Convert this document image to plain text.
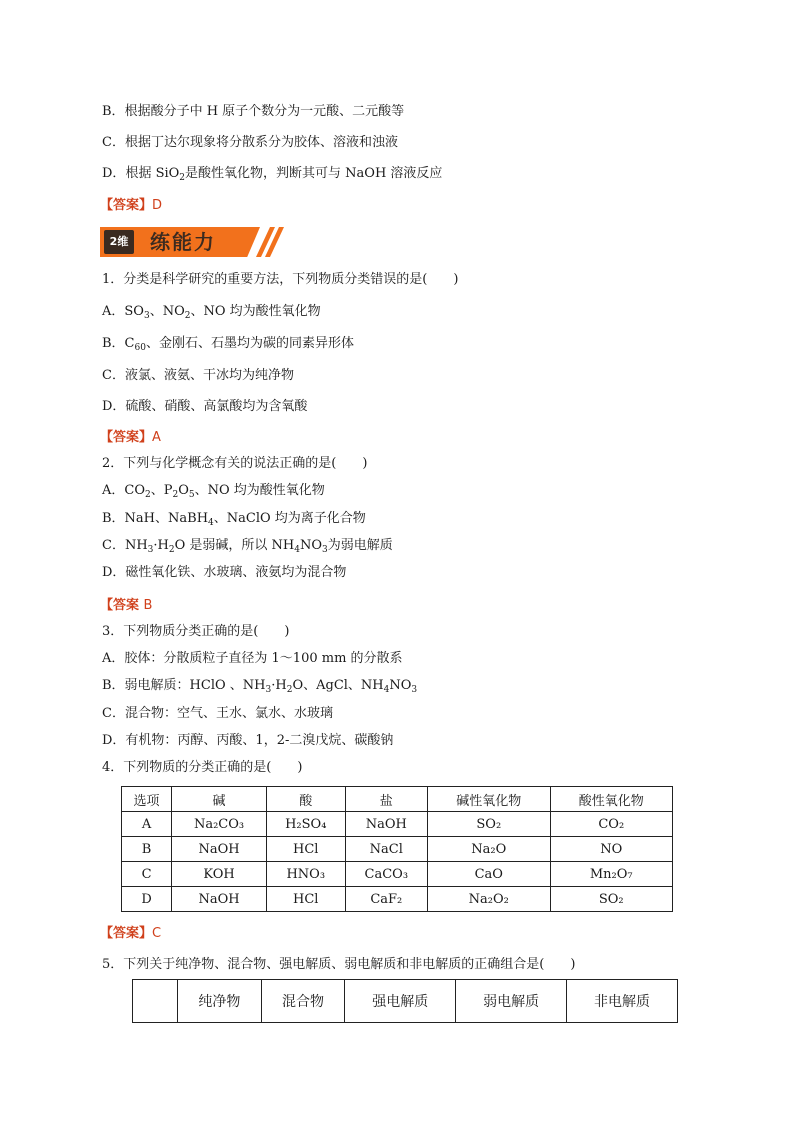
B．根据酸分子中 H 原子个数分为一元酸、二元酸等
C．根据丁达尔现象将分散系分为胶体、溶液和浊液
D．根据 SiO$_2$是酸性氧化物，判断其可与 NaOH 溶液反应
【答案】D
2维 练能力
1．分类是科学研究的重要方法，下列物质分类错误的是(　　)
A．$SO_3$、$NO_2$、NO 均为酸性氧化物
B．$C_{60}$、金刚石、石墨均为碳的同素异形体
C．液氯、液氨、干冰均为纯净物
D．硫酸、硝酸、高氯酸均为含氧酸
【答案】A
2．下列与化学概念有关的说法正确的是(　　)
A．$CO_2$、$P_2O_5$、NO 均为酸性氧化物
B．NaH、NaBH$_4$、NaClO 均为离子化合物
C．$NH_3\cdot H_2O$ 是弱碱，所以 $NH_4NO_3$为弱电解质
D．磁性氧化铁、水玻璃、液氨均为混合物
【答案 B
3．下列物质分类正确的是(　　)
A．胶体：分散质粒子直径为 1～100 mm 的分散系
B．弱电解质：HClO 、$NH_3\cdot H_2O$、AgCl、$NH_4NO_3$
C．混合物：空气、王水、氯水、水玻璃
D．有机物：丙醇、丙酸、1，2-二溴戊烷、碳酸钠
4．下列物质的分类正确的是(　　)
选项	碱	酸	盐	碱性氧化物	酸性氧化物
A	Na₂CO₃	H₂SO₄	NaOH	SO₂	CO₂
B	NaOH	HCl	NaCl	Na₂O	NO
C	KOH	HNO₃	CaCO₃	CaO	Mn₂O₇
D	NaOH	HCl	CaF₂	Na₂O₂	SO₂
【答案】C
5．下列关于纯净物、混合物、强电解质、弱电解质和非电解质的正确组合是(　　)
	纯净物	混合物	强电解质	弱电解质	非电解质
